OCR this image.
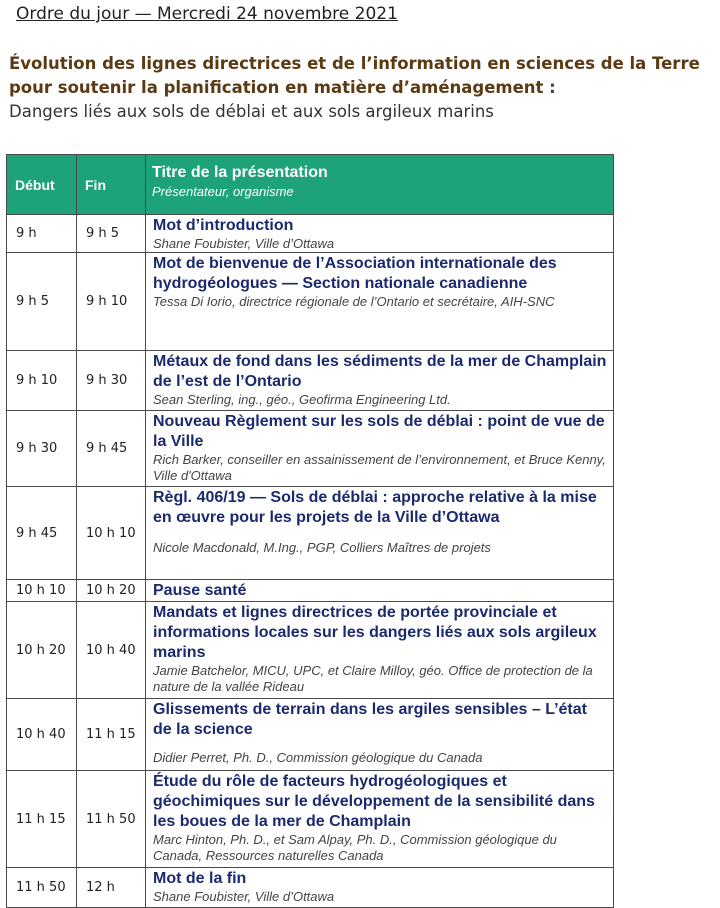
Ordre du jour — Mercredi 24 novembre 2021
Évolution des lignes directrices et de l’information en sciences de la Terre pour soutenir la planification en matière d’aménagement :
Dangers liés aux sols de déblai et aux sols argileux marins
Début	Fin	Titre de la présentation
Présentateur, organisme

9 h	9 h 5	Mot d’introduction
Shane Foubister, Ville d’Ottawa

9 h 5	9 h 10	Mot de bienvenue de l’Association internationale des hydrogéologues — Section nationale canadienne
Tessa Di Iorio, directrice régionale de l’Ontario et secrétaire, AIH-SNC

9 h 10	9 h 30	Métaux de fond dans les sédiments de la mer de Champlain de l’est de l’Ontario
Sean Sterling, ing., géo., Geofirma Engineering Ltd.

9 h 30	9 h 45	Nouveau Règlement sur les sols de déblai : point de vue de la Ville
Rich Barker, conseiller en assainissement de l’environnement, et Bruce Kenny, Ville d'Ottawa

9 h 45	10 h 10	Règl. 406/19 — Sols de déblai : approche relative à la mise en œuvre pour les projets de la Ville d’Ottawa
Nicole Macdonald, M.Ing., PGP, Colliers Maîtres de projets

10 h 10	10 h 20	Pause santé

10 h 20	10 h 40	Mandats et lignes directrices de portée provinciale et informations locales sur les dangers liés aux sols argileux marins
Jamie Batchelor, MICU, UPC, et Claire Milloy, géo. Office de protection de la nature de la vallée Rideau

10 h 40	11 h 15	Glissements de terrain dans les argiles sensibles – L’état de la science
Didier Perret, Ph. D., Commission géologique du Canada

11 h 15	11 h 50	Étude du rôle de facteurs hydrogéologiques et géochimiques sur le développement de la sensibilité dans les boues de la mer de Champlain
Marc Hinton, Ph. D., et Sam Alpay, Ph. D., Commission géologique du Canada, Ressources naturelles Canada

11 h 50	12 h	Mot de la fin
Shane Foubister, Ville d’Ottawa
